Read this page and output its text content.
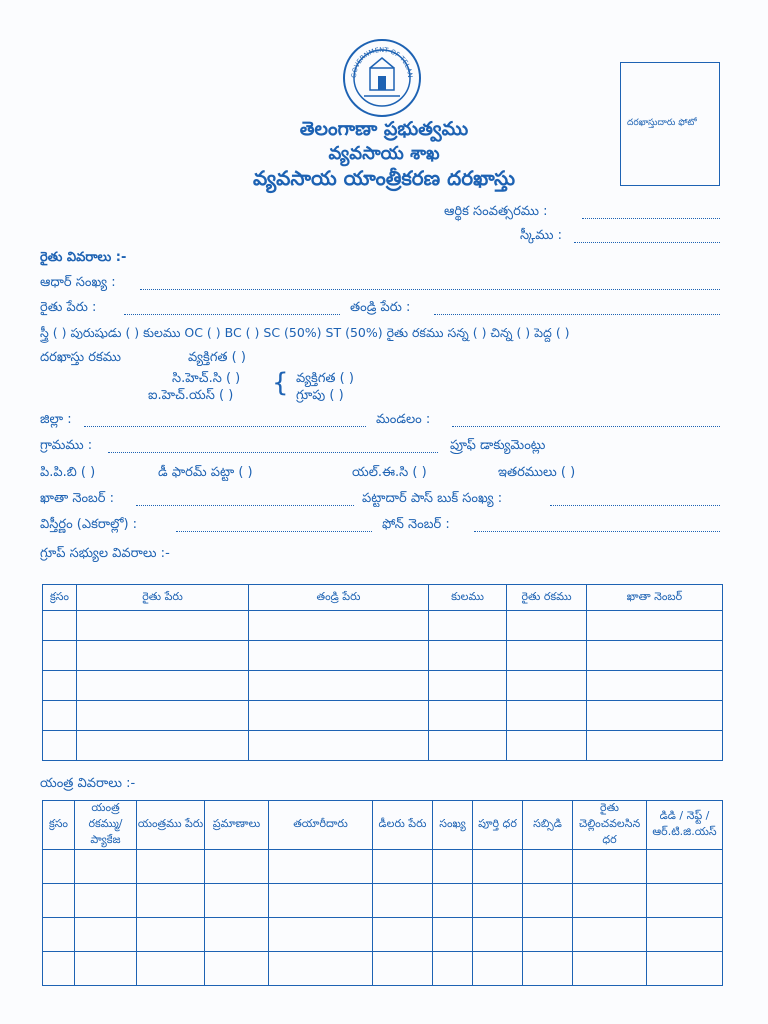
GOVERNMENT OF TELAN
తెలంగాణా ప్రభుత్వము
వ్యవసాయ శాఖ
వ్యవసాయ యాంత్రీకరణ దరఖాస్తు
దరఖాస్తుదారు ఫోటో
ఆర్థిక సంవత్సరము :
స్కీము :
రైతు వివరాలు :-
ఆధార్ సంఖ్య :
రైతు పేరు :	తండ్రి పేరు :
స్త్రీ ( ) పురుషుడు ( ) కులము OC ( ) BC ( ) SC (50%) ST (50%) రైతు రకము సన్న ( ) చిన్న ( ) పెద్ద ( )
దరఖాస్తు రకము	వ్యక్తిగత ( )
సి.హెచ్.సి ( )
ఐ.హెచ్.యస్ ( ) { వ్యక్తిగత ( )
గ్రూపు ( )
జిల్లా :	మండలం :
గ్రామము :	ప్రూఫ్ డాక్యుమెంట్లు
పి.పి.బి ( )	డీ ఫారమ్ పట్టా ( )	యల్.ఈ.సి ( )	ఇతరములు ( )
ఖాతా నెంబర్ :	పట్టాదార్ పాస్ బుక్ సంఖ్య :
విస్తీర్ణం (ఎకరాల్లో) :	ఫోన్ నెంబర్ :
గ్రూప్ సభ్యుల వివరాలు :-
క్రసం	రైతు పేరు	తండ్రి పేరు	కులము	రైతు రకము	ఖాతా నెంబర్

యంత్ర వివరాలు :-
క్రసం	యంత్ర రకమ్ము/ ప్యాకేజ	యంత్రము పేరు	ప్రమాణాలు	తయారీదారు	డీలరు పేరు	సంఖ్య	పూర్తి ధర	సబ్సిడి	రైతు చెల్లించవలసిన ధర	డిడి / నెఫ్ట్ / ఆర్.టి.జి.యస్
